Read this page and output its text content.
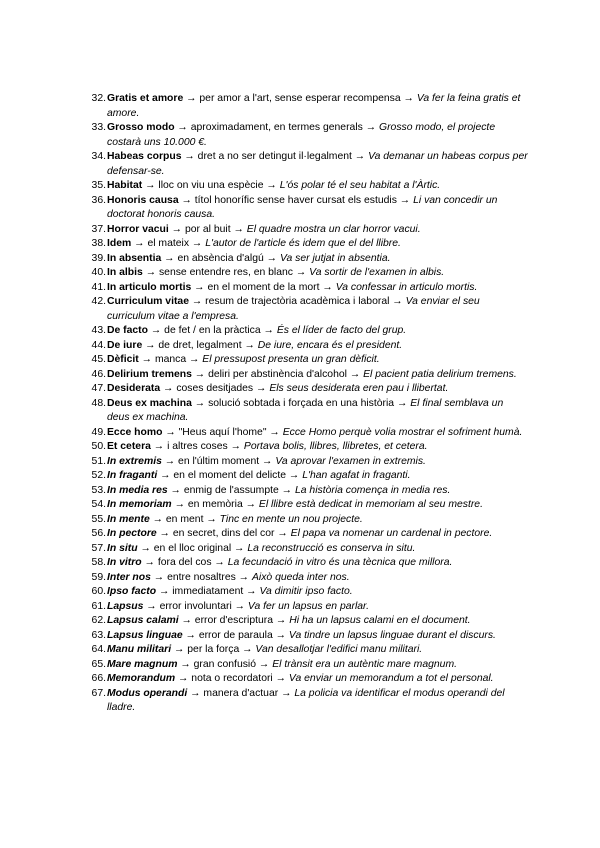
32. Gratis et amore → per amor a l'art, sense esperar recompensa → Va fer la feina gratis et amore.
33. Grosso modo → aproximadament, en termes generals → Grosso modo, el projecte costarà uns 10.000 €.
34. Habeas corpus → dret a no ser detingut il·legalment → Va demanar un habeas corpus per defensar-se.
35. Habitat → lloc on viu una espècie → L'ós polar té el seu habitat a l'Àrtic.
36. Honoris causa → títol honorífic sense haver cursat els estudis → Li van concedir un doctorat honoris causa.
37. Horror vacui → por al buit → El quadre mostra un clar horror vacui.
38. Idem → el mateix → L'autor de l'article és idem que el del llibre.
39. In absentia → en absència d'algú → Va ser jutjat in absentia.
40. In albis → sense entendre res, en blanc → Va sortir de l'examen in albis.
41. In articulo mortis → en el moment de la mort → Va confessar in articulo mortis.
42. Curriculum vitae → resum de trajectòria acadèmica i laboral → Va enviar el seu curriculum vitae a l'empresa.
43. De facto → de fet / en la pràctica → És el líder de facto del grup.
44. De iure → de dret, legalment → De iure, encara és el president.
45. Dèficit → manca → El pressupost presenta un gran dèficit.
46. Delirium tremens → deliri per abstinència d'alcohol → El pacient patia delirium tremens.
47. Desiderata → coses desitjades → Els seus desiderata eren pau i llibertat.
48. Deus ex machina → solució sobtada i forçada en una història → El final semblava un deus ex machina.
49. Ecce homo → "Heus aquí l'home" → Ecce Homo perquè volia mostrar el sofriment humà.
50. Et cetera → i altres coses → Portava bolis, llibres, llibretes, et cetera.
51. In extremis → en l'últim moment → Va aprovar l'examen in extremis.
52. In fraganti → en el moment del delicte → L'han agafat in fraganti.
53. In media res → enmig de l'assumpte → La història comença in media res.
54. In memoriam → en memòria → El llibre està dedicat in memoriam al seu mestre.
55. In mente → en ment → Tinc en mente un nou projecte.
56. In pectore → en secret, dins del cor → El papa va nomenar un cardenal in pectore.
57. In situ → en el lloc original → La reconstrucció es conserva in situ.
58. In vitro → fora del cos → La fecundació in vitro és una tècnica que millora.
59. Inter nos → entre nosaltres → Això queda inter nos.
60. Ipso facto → immediatament → Va dimitir ipso facto.
61. Lapsus → error involuntari → Va fer un lapsus en parlar.
62. Lapsus calami → error d'escriptura → Hi ha un lapsus calami en el document.
63. Lapsus linguae → error de paraula → Va tindre un lapsus linguae durant el discurs.
64. Manu militari → per la força → Van desallotjar l'edifici manu militari.
65. Mare magnum → gran confusió → El trànsit era un autèntic mare magnum.
66. Memorandum → nota o recordatori → Va enviar un memorandum a tot el personal.
67. Modus operandi → manera d'actuar → La policia va identificar el modus operandi del lladre.
